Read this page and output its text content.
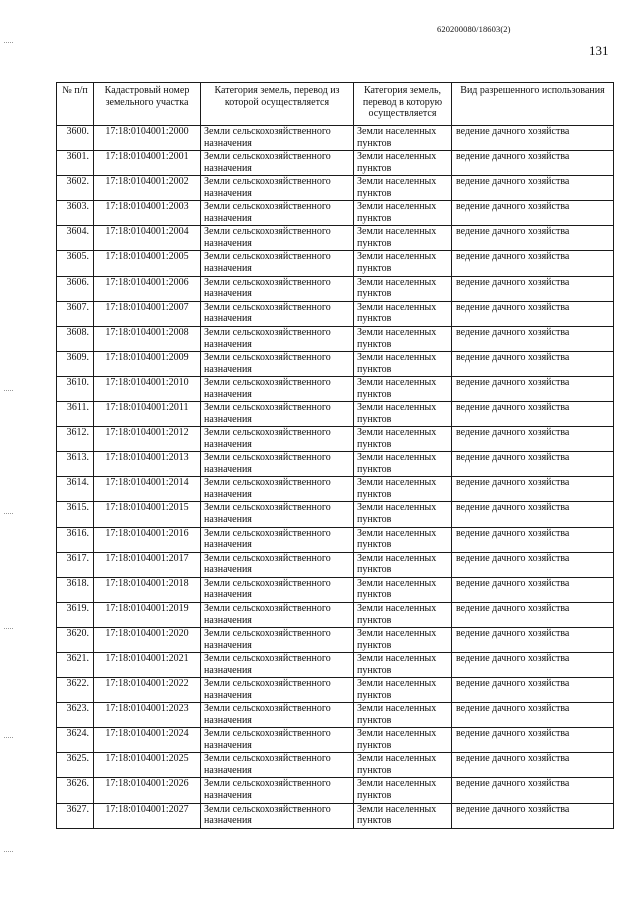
620200080/18603(2)
131
№ п/п	Кадастровый номер земельного участка	Категория земель, перевод из которой осуществляется	Категория земель, перевод в которую осуществляется	Вид разрешенного использования
3600.	17:18:0104001:2000	Земли сельскохозяйственного назначения	Земли населенных пунктов	ведение дачного хозяйства
3601.	17:18:0104001:2001	Земли сельскохозяйственного назначения	Земли населенных пунктов	ведение дачного хозяйства
3602.	17:18:0104001:2002	Земли сельскохозяйственного назначения	Земли населенных пунктов	ведение дачного хозяйства
3603.	17:18:0104001:2003	Земли сельскохозяйственного назначения	Земли населенных пунктов	ведение дачного хозяйства
3604.	17:18:0104001:2004	Земли сельскохозяйственного назначения	Земли населенных пунктов	ведение дачного хозяйства
3605.	17:18:0104001:2005	Земли сельскохозяйственного назначения	Земли населенных пунктов	ведение дачного хозяйства
3606.	17:18:0104001:2006	Земли сельскохозяйственного назначения	Земли населенных пунктов	ведение дачного хозяйства
3607.	17:18:0104001:2007	Земли сельскохозяйственного назначения	Земли населенных пунктов	ведение дачного хозяйства
3608.	17:18:0104001:2008	Земли сельскохозяйственного назначения	Земли населенных пунктов	ведение дачного хозяйства
3609.	17:18:0104001:2009	Земли сельскохозяйственного назначения	Земли населенных пунктов	ведение дачного хозяйства
3610.	17:18:0104001:2010	Земли сельскохозяйственного назначения	Земли населенных пунктов	ведение дачного хозяйства
3611.	17:18:0104001:2011	Земли сельскохозяйственного назначения	Земли населенных пунктов	ведение дачного хозяйства
3612.	17:18:0104001:2012	Земли сельскохозяйственного назначения	Земли населенных пунктов	ведение дачного хозяйства
3613.	17:18:0104001:2013	Земли сельскохозяйственного назначения	Земли населенных пунктов	ведение дачного хозяйства
3614.	17:18:0104001:2014	Земли сельскохозяйственного назначения	Земли населенных пунктов	ведение дачного хозяйства
3615.	17:18:0104001:2015	Земли сельскохозяйственного назначения	Земли населенных пунктов	ведение дачного хозяйства
3616.	17:18:0104001:2016	Земли сельскохозяйственного назначения	Земли населенных пунктов	ведение дачного хозяйства
3617.	17:18:0104001:2017	Земли сельскохозяйственного назначения	Земли населенных пунктов	ведение дачного хозяйства
3618.	17:18:0104001:2018	Земли сельскохозяйственного назначения	Земли населенных пунктов	ведение дачного хозяйства
3619.	17:18:0104001:2019	Земли сельскохозяйственного назначения	Земли населенных пунктов	ведение дачного хозяйства
3620.	17:18:0104001:2020	Земли сельскохозяйственного назначения	Земли населенных пунктов	ведение дачного хозяйства
3621.	17:18:0104001:2021	Земли сельскохозяйственного назначения	Земли населенных пунктов	ведение дачного хозяйства
3622.	17:18:0104001:2022	Земли сельскохозяйственного назначения	Земли населенных пунктов	ведение дачного хозяйства
3623.	17:18:0104001:2023	Земли сельскохозяйственного назначения	Земли населенных пунктов	ведение дачного хозяйства
3624.	17:18:0104001:2024	Земли сельскохозяйственного назначения	Земли населенных пунктов	ведение дачного хозяйства
3625.	17:18:0104001:2025	Земли сельскохозяйственного назначения	Земли населенных пунктов	ведение дачного хозяйства
3626.	17:18:0104001:2026	Земли сельскохозяйственного назначения	Земли населенных пунктов	ведение дачного хозяйства
3627.	17:18:0104001:2027	Земли сельскохозяйственного назначения	Земли населенных пунктов	ведение дачного хозяйства
